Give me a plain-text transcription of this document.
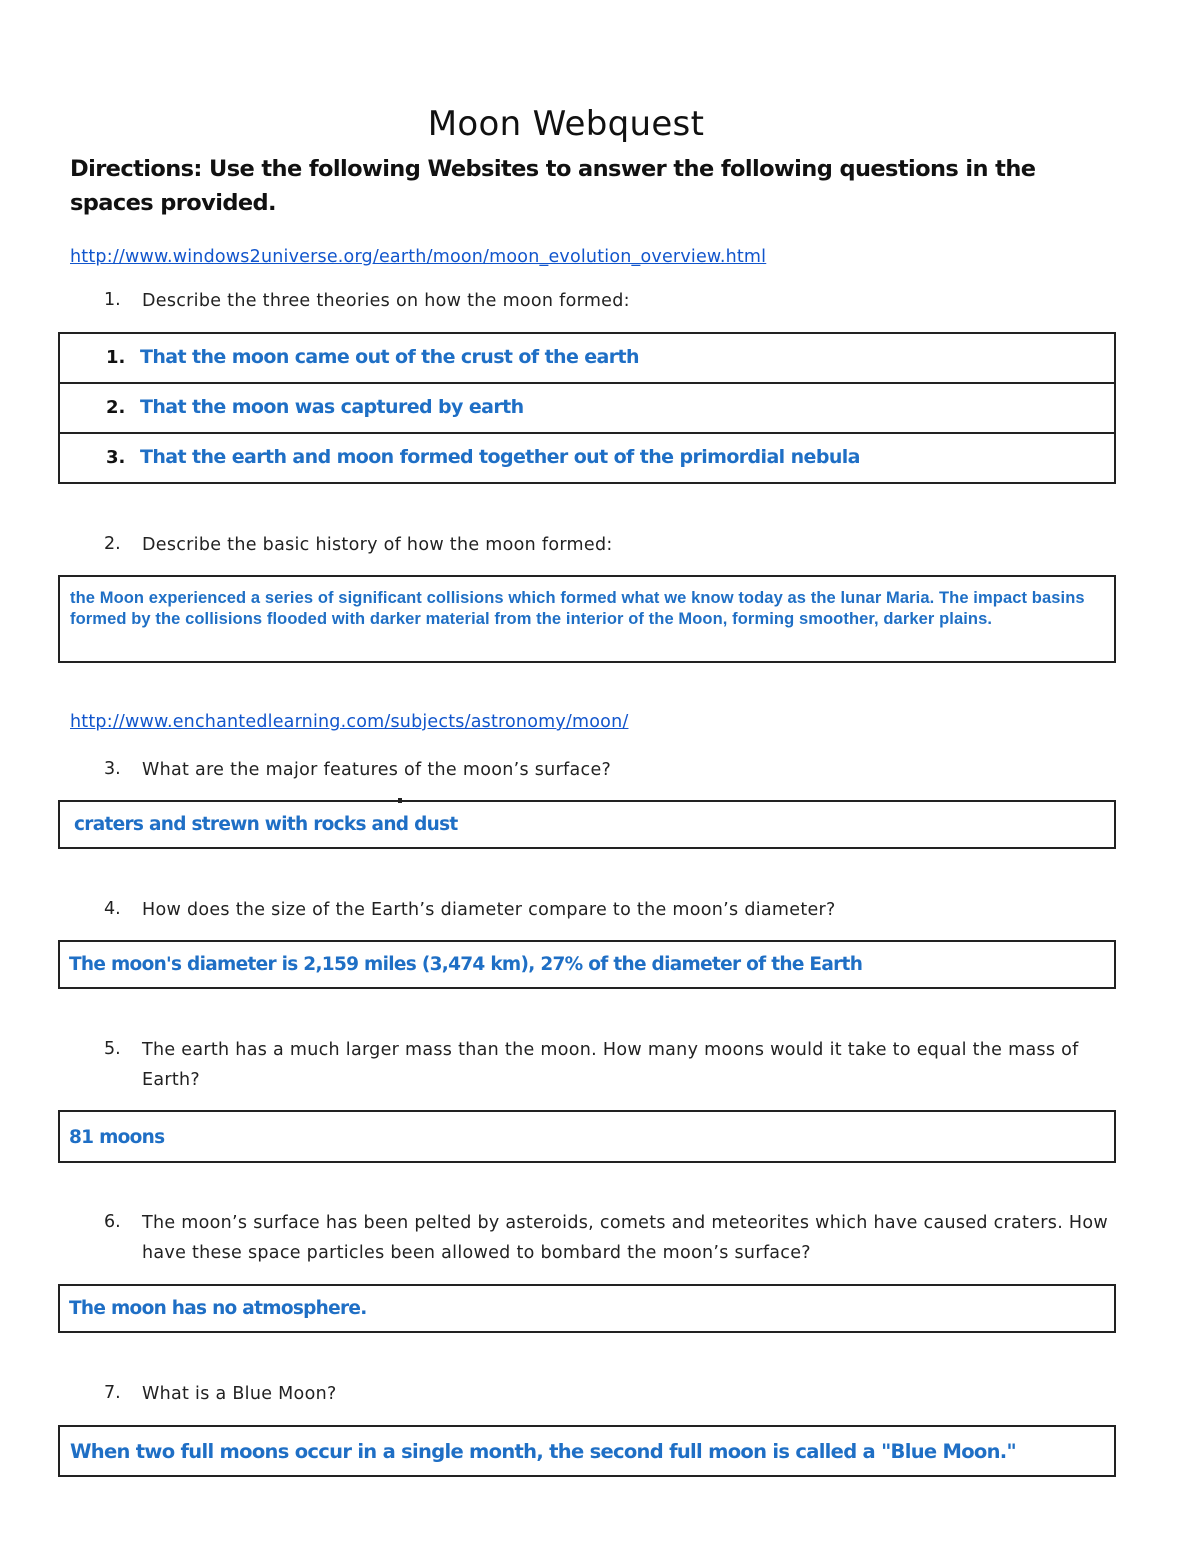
Moon Webquest
Directions: Use the following Websites to answer the following questions in the spaces provided.
http://www.windows2universe.org/earth/moon/moon_evolution_overview.html
1. Describe the three theories on how the moon formed:
1. That the moon came out of the crust of the earth
2. That the moon was captured by earth
3. That the earth and moon formed together out of the primordial nebula
2. Describe the basic history of how the moon formed:
the Moon experienced a series of significant collisions which formed what we know today as the lunar Maria. The impact basins formed by the collisions flooded with darker material from the interior of the Moon, forming smoother, darker plains.
http://www.enchantedlearning.com/subjects/astronomy/moon/
3. What are the major features of the moon’s surface?
craters and strewn with rocks and dust
4. How does the size of the Earth’s diameter compare to the moon’s diameter?
The moon's diameter is 2,159 miles (3,474 km), 27% of the diameter of the Earth
5. The earth has a much larger mass than the moon. How many moons would it take to equal the mass of Earth?
81 moons
6. The moon’s surface has been pelted by asteroids, comets and meteorites which have caused craters. How have these space particles been allowed to bombard the moon’s surface?
The moon has no atmosphere.
7. What is a Blue Moon?
When two full moons occur in a single month, the second full moon is called a "Blue Moon."
